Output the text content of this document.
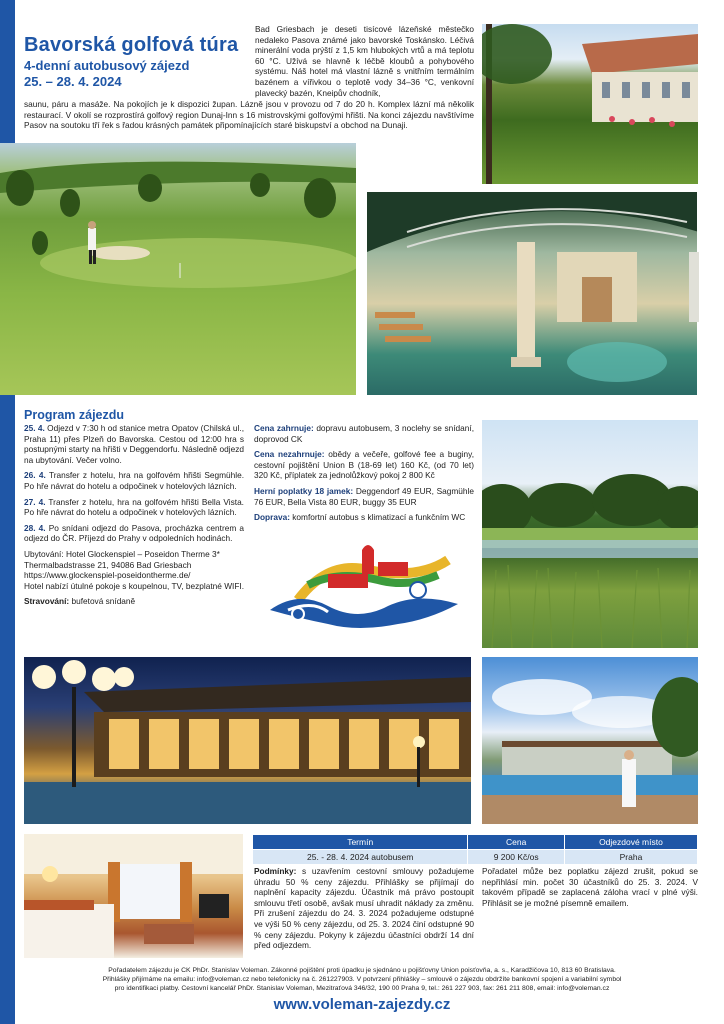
Bavorská golfová túra
4-denní autobusový zájezd
25. – 28. 4. 2024
Bad Griesbach je deseti tisícové lázeňské městečko nedaleko Pasova známé jako bavorské Toskánsko. Léčivá minerální voda prýští z 1,5 km hlubokých vrtů a má teplotu 60 °C. Užívá se hlavně k léčbě kloubů a pohybového systému. Náš hotel má vlastní lázně s vnitřním termálním bazénem a vířivkou o teplotě vody 34–36 °C, venkovní plavecký bazén, Kneipův chodník,
saunu, páru a masáže. Na pokojích je k dispozici župan. Lázně jsou v provozu od 7 do 20 h. Komplex lázní má několik restaurací. V okolí se rozprostírá golfový region Dunaj-Inn s 16 mistrovskými golfovými hřišti. Na konci zájezdu navštívíme Pasov na soutoku tří řek s řadou krásných památek připomínajících staré biskupství a obchod na Dunaji.
Program zájezdu
25. 4. Odjezd v 7:30 h od stanice metra Opatov (Chilská ul., Praha 11) přes Plzeň do Bavorska. Cestou od 12:00 hra s postupnými starty na hřišti v Deggendorfu. Následně odjezd na ubytování. Večer volno.
26. 4. Transfer z hotelu, hra na golfovém hřišti Segmühle. Po hře návrat do hotelu a odpočinek v hotelových lázních.
27. 4. Transfer z hotelu, hra na golfovém hřišti Bella Vista. Po hře návrat do hotelu a odpočinek v hotelových lázních.
28. 4. Po snídani odjezd do Pasova, procházka centrem a odjezd do ČR. Příjezd do Prahy v odpoledních hodinách.
Ubytování: Hotel Glockenspiel – Poseidon Therme 3*
Thermalbadstrasse 21, 94086 Bad Griesbach
https://www.glockenspiel-poseidontherme.de/
Hotel nabízí útulné pokoje s koupelnou, TV, bezplatné WIFI.
Stravování: bufetová snídaně
Cena zahrnuje: dopravu autobusem, 3 noclehy se snídaní, doprovod CK
Cena nezahrnuje: obědy a večeře, golfové fee a buginy, cestovní pojištění Union B (18-69 let) 160 Kč, (od 70 let) 320 Kč, příplatek za jednolůžkový pokoj 2 800 Kč
Herní poplatky 18 jamek: Deggendorf 49 EUR, Sagmühle 76 EUR, Bella Vista 80 EUR, buggy 35 EUR
Doprava: komfortní autobus s klimatizací a funkčním WC
Termín	Cena	Odjezdové místo
25. - 28. 4. 2024 autobusem	9 200 Kč/os	Praha
Podmínky: s uzavřením cestovní smlouvy požadujeme úhradu 50 % ceny zájezdu. Přihlášky se přijímají do naplnění kapacity zájezdu. Účastník má právo postoupit smlouvu třetí osobě, avšak musí uhradit náklady za změnu. Při zrušení zájezdu do 24. 3. 2024 požadujeme odstupné ve výši 50 % ceny zájezdu, od 25. 3. 2024 činí odstupné 90 % ceny zájezdu. Pokyny k zájezdu účastníci obdrží 14 dní před odjezdem.
Pořadatel může bez poplatku zájezd zrušit, pokud se nepřihlásí min. počet 30 účastníků do 25. 3. 2024. V takovém případě se zaplacená záloha vrací v plné výši. Přihlásit se je možné písemně emailem.
Pořadatelem zájezdu je CK PhDr. Stanislav Voleman. Zákonné pojištění proti úpadku je sjednáno u pojišťovny Union poisťovňa, a. s., Karadžičova 10, 813 60 Bratislava.
Přihlášky přijímáme na emailu: info@voleman.cz nebo telefonicky na č. 261227903. V potvrzení přihlášky – smlouvě o zájezdu obdržíte bankovní spojení a variabilní symbol
pro identifikaci platby. Cestovní kancelář PhDr. Stanislav Voleman, Mezitraťová 346/32, 190 00 Praha 9, tel.: 261 227 903, fax: 261 211 808, email: info@voleman.cz
www.voleman-zajezdy.cz
